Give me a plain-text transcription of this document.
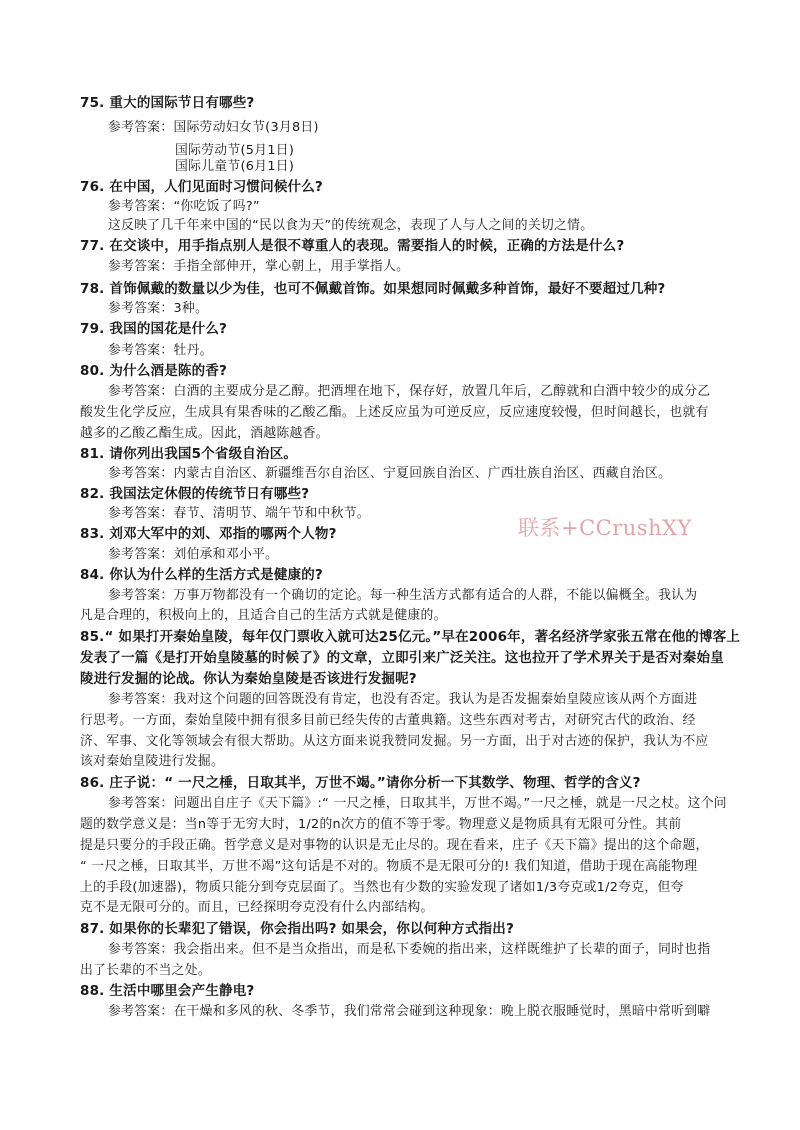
联系+CCrushXY
75. 重大的国际节日有哪些?
参考答案：国际劳动妇女节(3月8日)
国际劳动节(5月1日)
国际儿童节(6月1日)
76. 在中国，人们见面时习惯问候什么?
参考答案：“你吃饭了吗?”
这反映了几千年来中国的“民以食为天”的传统观念，表现了人与人之间的关切之情。
77. 在交谈中，用手指点别人是很不尊重人的表现。需要指人的时候，正确的方法是什么?
参考答案：手指全部伸开，掌心朝上，用手掌指人。
78. 首饰佩戴的数量以少为佳，也可不佩戴首饰。如果想同时佩戴多种首饰，最好不要超过几种?
参考答案：3种。
79. 我国的国花是什么?
参考答案：牡丹。
80. 为什么酒是陈的香?
参考答案：白酒的主要成分是乙醇。把酒埋在地下，保存好，放置几年后，乙醇就和白酒中较少的成分乙
酸发生化学反应，生成具有果香味的乙酸乙酯。上述反应虽为可逆反应，反应速度较慢，但时间越长，也就有
越多的乙酸乙酯生成。因此，酒越陈越香。
81. 请你列出我国5个省级自治区。
参考答案：内蒙古自治区、新疆维吾尔自治区、宁夏回族自治区、广西壮族自治区、西藏自治区。
82. 我国法定休假的传统节日有哪些?
参考答案：春节、清明节、端午节和中秋节。
83. 刘邓大军中的刘、邓指的哪两个人物?
参考答案：刘伯承和邓小平。
84. 你认为什么样的生活方式是健康的?
参考答案：万事万物都没有一个确切的定论。每一种生活方式都有适合的人群，不能以偏概全。我认为
凡是合理的，积极向上的，且适合自己的生活方式就是健康的。
85.“ 如果打开秦始皇陵，每年仅门票收入就可达25亿元。”早在2006年，著名经济学家张五常在他的博客上
发表了一篇《是打开始皇陵墓的时候了》的文章，立即引来广泛关注。这也拉开了学术界关于是否对秦始皇
陵进行发掘的论战。你认为秦始皇陵是否该进行发掘呢?
参考答案：我对这个问题的回答既没有肯定，也没有否定。我认为是否发掘秦始皇陵应该从两个方面进
行思考。一方面，秦始皇陵中拥有很多目前已经失传的古董典籍。这些东西对考古，对研究古代的政治、经
济、军事、文化等领域会有很大帮助。从这方面来说我赞同发掘。另一方面，出于对古迹的保护，我认为不应
该对秦始皇陵进行发掘。
86. 庄子说：“ 一尺之棰，日取其半，万世不竭。”请你分析一下其数学、物理、哲学的含义?
参考答案：问题出自庄子《天下篇》:“ 一尺之棰，日取其半，万世不竭。”一尺之棰，就是一尺之杖。这个问
题的数学意义是：当n等于无穷大时，1/2的n次方的值不等于零。物理意义是物质具有无限可分性。其前
提是只要分的手段正确。哲学意义是对事物的认识是无止尽的。现在看来，庄子《天下篇》提出的这个命题，
“ 一尺之棰，日取其半，万世不竭”这句话是不对的。物质不是无限可分的! 我们知道，借助于现在高能物理
上的手段(加速器)，物质只能分到夸克层面了。当然也有少数的实验发现了诸如1/3夸克或1/2夸克，但夸
克不是无限可分的。而且，已经探明夸克没有什么内部结构。
87. 如果你的长辈犯了错误，你会指出吗? 如果会，你以何种方式指出?
参考答案：我会指出来。但不是当众指出，而是私下委婉的指出来，这样既维护了长辈的面子，同时也指
出了长辈的不当之处。
88. 生活中哪里会产生静电?
参考答案：在干燥和多风的秋、冬季节，我们常常会碰到这种现象：晚上脱衣服睡觉时，黑暗中常听到噼
